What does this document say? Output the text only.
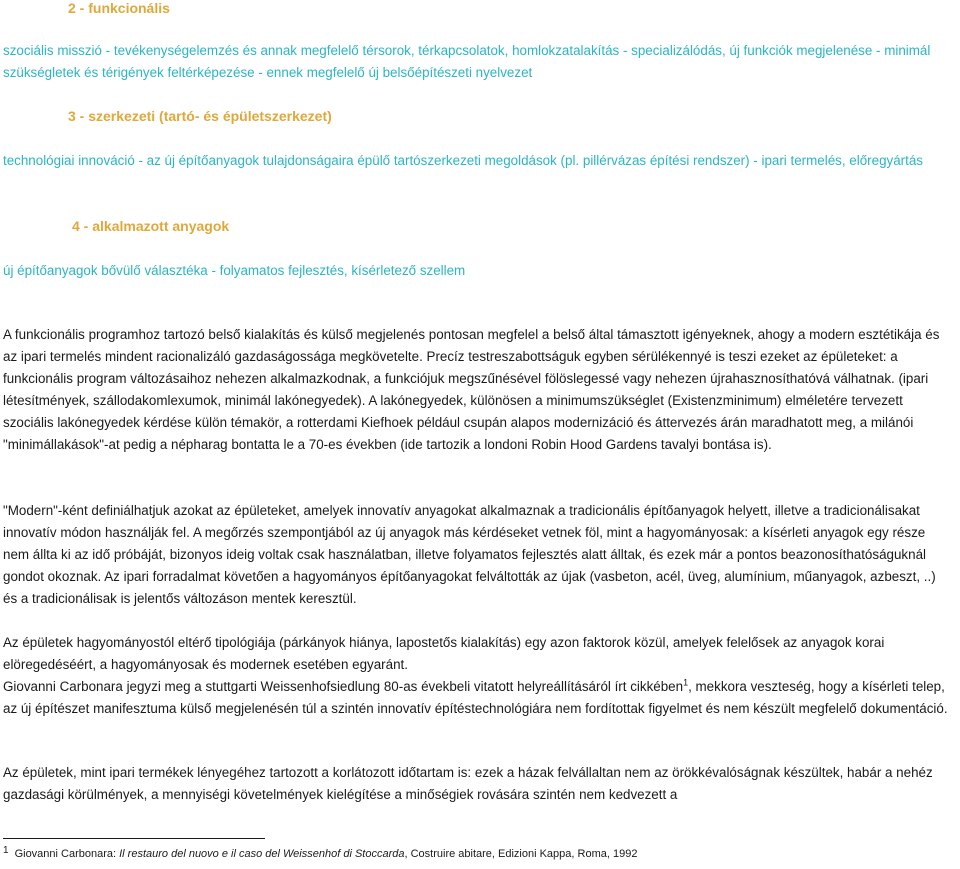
2 - funkcionális

szociális misszió - tevékenységelemzés és annak megfelelő térsorok, térkapcsolatok, homlokzatalakítás - specializálódás, új funkciók megjelenése - minimál szükségletek és térigények feltérképezése - ennek megfelelő új belsőépítészeti nyelvezet

3 - szerkezeti (tartó- és épületszerkezet)

technológiai innováció - az új építőanyagok tulajdonságaira épülő tartószerkezeti megoldások (pl. pillérvázas építési rendszer) - ipari termelés, előregyártás

4 - alkalmazott anyagok

új építőanyagok bővülő választéka - folyamatos fejlesztés, kísérletező szellem

A funkcionális programhoz tartozó belső kialakítás és külső megjelenés pontosan megfelel a belső által támasztott igényeknek, ahogy a modern esztétikája és az ipari termelés mindent racionalizáló gazdaságossága megkövetelte. Precíz testreszabottságuk egyben sérülékennyé is teszi ezeket az épületeket: a funkcionális program változásaihoz nehezen alkalmazkodnak, a funkciójuk megszűnésével fölöslegessé vagy nehezen újrahasznosíthatóvá válhatnak. (ipari létesítmények, szállodakomlexumok, minimál lakónegyedek). A lakónegyedek, különösen a minimumszükséglet (Existenzminimum) elméletére tervezett szociális lakónegyedek kérdése külön témakör, a rotterdami Kiefhoek például csupán alapos modernizáció és áttervezés árán maradhatott meg, a milánói "minimállakások"-at pedig a népharag bontatta le a 70-es években (ide tartozik a londoni Robin Hood Gardens tavalyi bontása is).

"Modern"-ként definiálhatjuk azokat az épületeket, amelyek innovatív anyagokat alkalmaznak a tradicionális építőanyagok helyett, illetve a tradicionálisakat innovatív módon használják fel. A megőrzés szempontjából az új anyagok más kérdéseket vetnek föl, mint a hagyományosak: a kísérleti anyagok egy része nem állta ki az idő próbáját, bizonyos ideig voltak csak használatban, illetve folyamatos fejlesztés alatt álltak, és ezek már a pontos beazonosíthatóságuknál gondot okoznak. Az ipari forradalmat követően a hagyományos építőanyagokat felváltották az újak (vasbeton, acél, üveg, alumínium, műanyagok, azbeszt, ..) és a tradicionálisak is jelentős változáson mentek keresztül.

Az épületek hagyományostól eltérő tipológiája (párkányok hiánya, lapostetős kialakítás) egy azon faktorok közül, amelyek felelősek az anyagok korai elöregedéséért, a hagyományosak és modernek esetében egyaránt.

Giovanni Carbonara jegyzi meg a stuttgarti Weissenhofsiedlung 80-as évekbeli vitatott helyreállításáról írt cikkében$^1$, mekkora veszteség, hogy a kísérleti telep, az új építészet manifesztuma külső megjelenésén túl a szintén innovatív építéstechnológiára nem fordítottak figyelmet és nem készült megfelelő dokumentáció.

Az épületek, mint ipari termékek lényegéhez tartozott a korlátozott időtartam is: ezek a házak felvállaltan nem az örökkévalóságnak készültek, habár a nehéz gazdasági körülmények, a mennyiségi követelmények kielégítése a minőségiek rovására szintén nem kedvezett a

1 Giovanni Carbonara: Il restauro del nuovo e il caso del Weissenhof di Stoccarda, Costruire abitare, Edizioni Kappa, Roma, 1992
